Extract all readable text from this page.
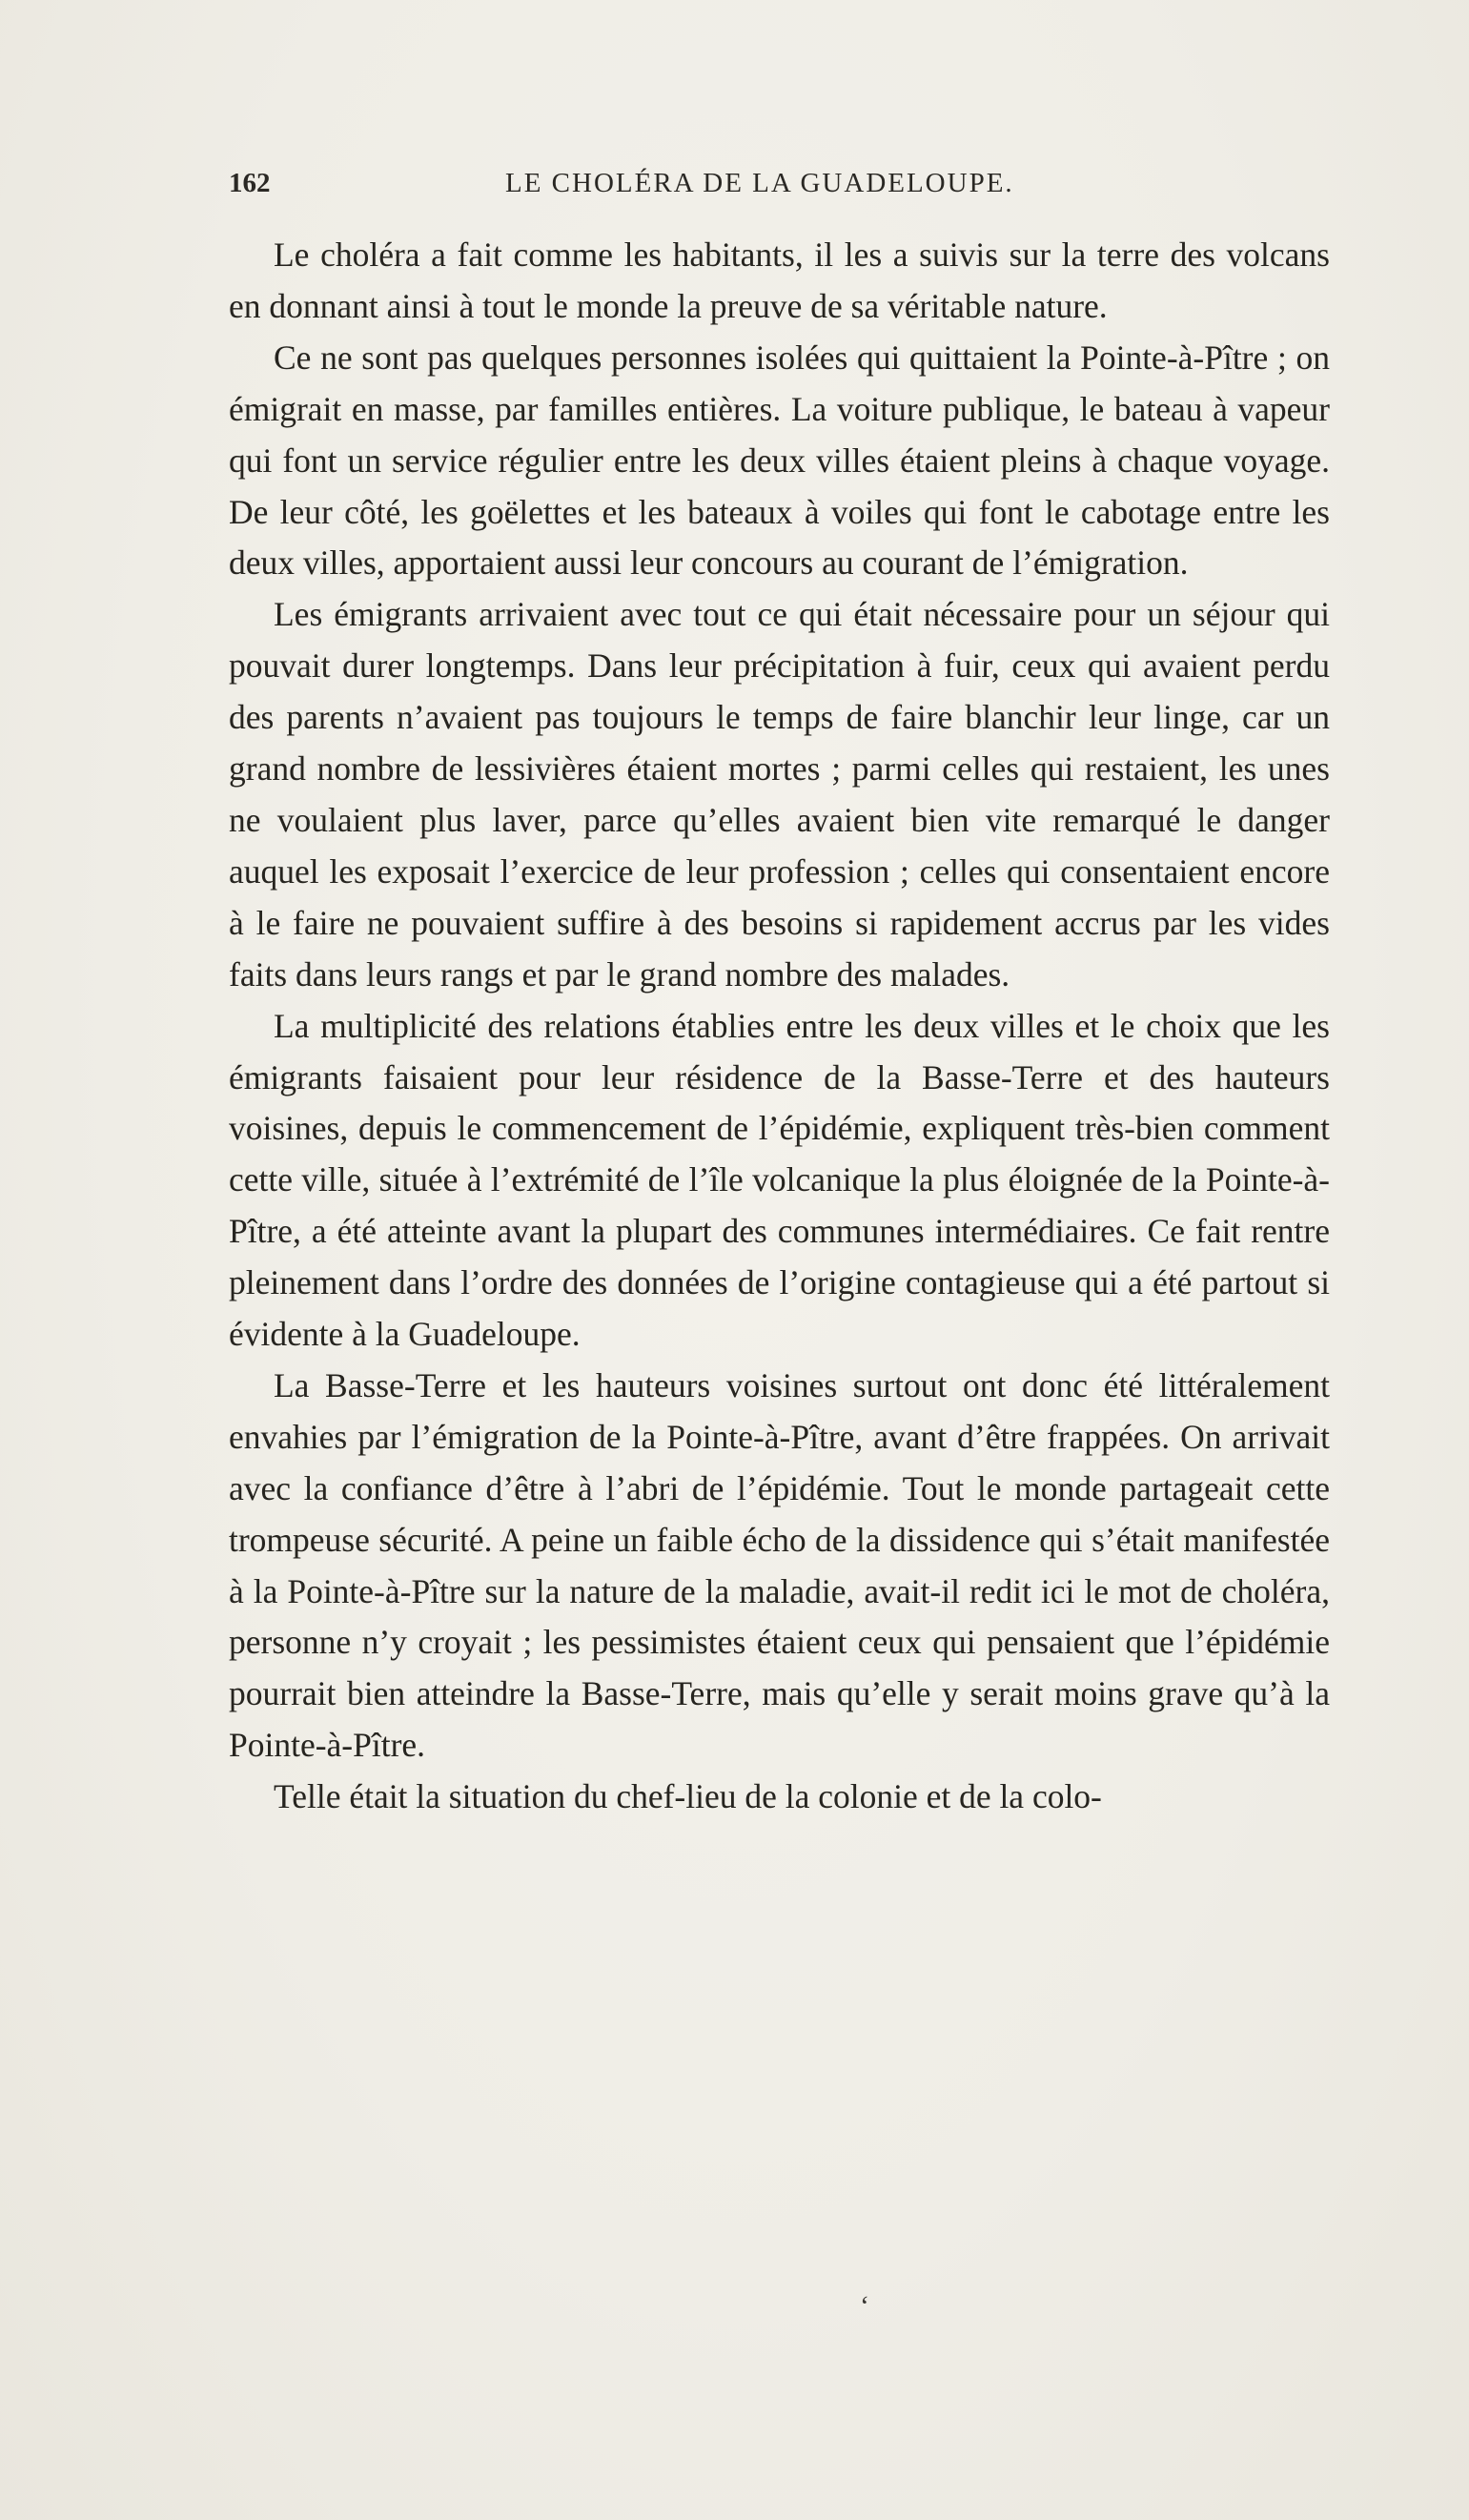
162	LE CHOLÉRA DE LA GUADELOUPE.

Le choléra a fait comme les habitants, il les a suivis sur la terre des volcans en donnant ainsi à tout le monde la preuve de sa véritable nature.

Ce ne sont pas quelques personnes isolées qui quittaient la Pointe-à-Pître ; on émigrait en masse, par familles entières. La voiture publique, le bateau à vapeur qui font un service régulier entre les deux villes étaient pleins à chaque voyage. De leur côté, les goëlettes et les bateaux à voiles qui font le cabotage entre les deux villes, apportaient aussi leur concours au courant de l’émigration.

Les émigrants arrivaient avec tout ce qui était nécessaire pour un séjour qui pouvait durer longtemps. Dans leur précipitation à fuir, ceux qui avaient perdu des parents n’avaient pas toujours le temps de faire blanchir leur linge, car un grand nombre de lessivières étaient mortes ; parmi celles qui restaient, les unes ne voulaient plus laver, parce qu’elles avaient bien vite remarqué le danger auquel les exposait l’exercice de leur profession ; celles qui consentaient encore à le faire ne pouvaient suffire à des besoins si rapidement accrus par les vides faits dans leurs rangs et par le grand nombre des malades.

La multiplicité des relations établies entre les deux villes et le choix que les émigrants faisaient pour leur résidence de la Basse-Terre et des hauteurs voisines, depuis le commencement de l’épidémie, expliquent très-bien comment cette ville, située à l’extrémité de l’île volcanique la plus éloignée de la Pointe-à-Pître, a été atteinte avant la plupart des communes intermédiaires. Ce fait rentre pleinement dans l’ordre des données de l’origine contagieuse qui a été partout si évidente à la Guadeloupe.

La Basse-Terre et les hauteurs voisines surtout ont donc été littéralement envahies par l’émigration de la Pointe-à-Pître, avant d’être frappées. On arrivait avec la confiance d’être à l’abri de l’épidémie. Tout le monde partageait cette trompeuse sécurité. A peine un faible écho de la dissidence qui s’était manifestée à la Pointe-à-Pître sur la nature de la maladie, avait-il redit ici le mot de choléra, personne n’y croyait ; les pessimistes étaient ceux qui pensaient que l’épidémie pourrait bien atteindre la Basse-Terre, mais qu’elle y serait moins grave qu’à la Pointe-à-Pître.

Telle était la situation du chef-lieu de la colonie et de la colo-

‘
